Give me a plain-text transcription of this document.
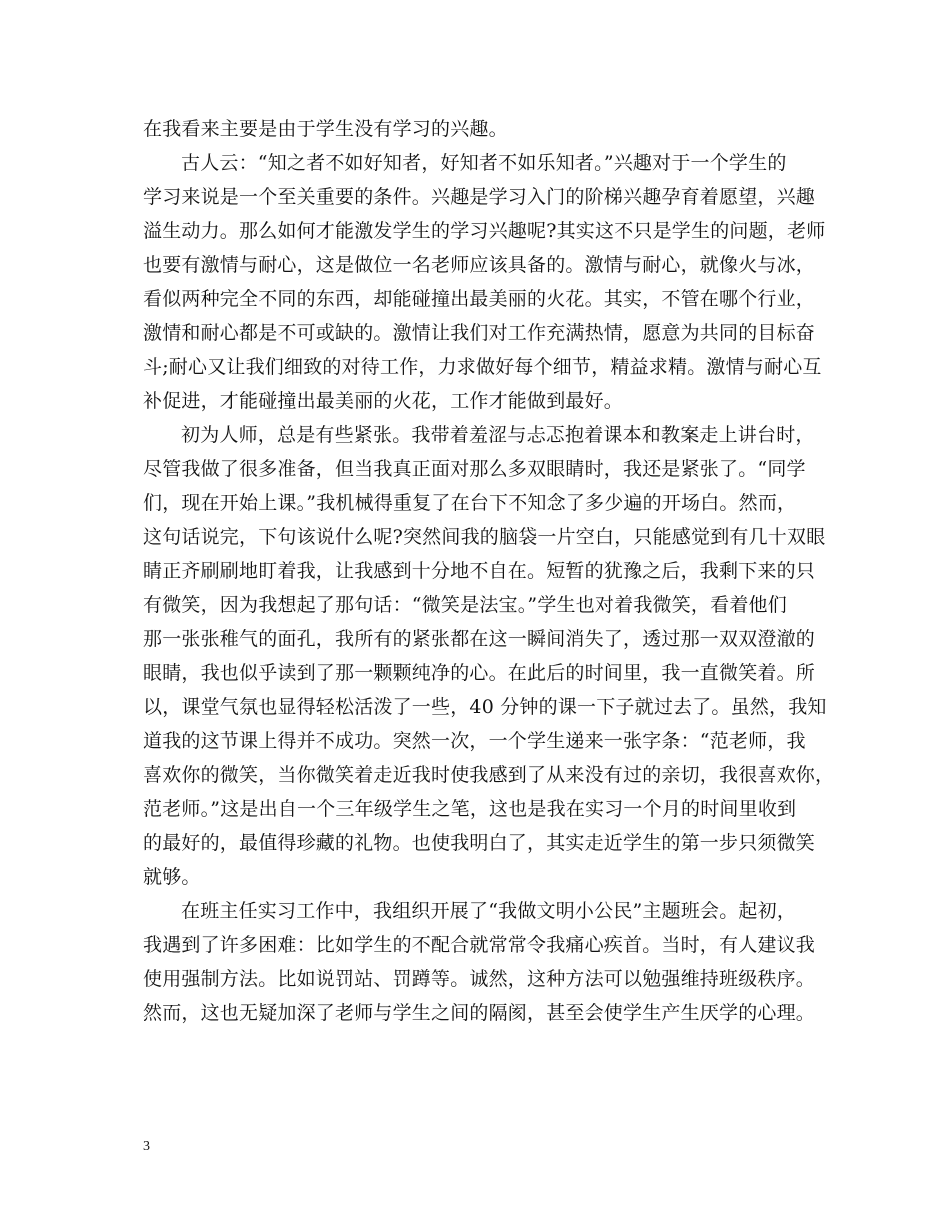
在我看来主要是由于学生没有学习的兴趣。
古人云：“知之者不如好知者，好知者不如乐知者。”兴趣对于一个学生的
学习来说是一个至关重要的条件。兴趣是学习入门的阶梯兴趣孕育着愿望，兴趣
溢生动力。那么如何才能激发学生的学习兴趣呢?其实这不只是学生的问题，老师
也要有激情与耐心，这是做位一名老师应该具备的。激情与耐心，就像火与冰，
看似两种完全不同的东西，却能碰撞出最美丽的火花。其实，不管在哪个行业，
激情和耐心都是不可或缺的。激情让我们对工作充满热情，愿意为共同的目标奋
斗;耐心又让我们细致的对待工作，力求做好每个细节，精益求精。激情与耐心互
补促进，才能碰撞出最美丽的火花，工作才能做到最好。
初为人师，总是有些紧张。我带着羞涩与忐忑抱着课本和教案走上讲台时，
尽管我做了很多准备，但当我真正面对那么多双眼睛时，我还是紧张了。“同学
们，现在开始上课。”我机械得重复了在台下不知念了多少遍的开场白。然而，
这句话说完，下句该说什么呢?突然间我的脑袋一片空白，只能感觉到有几十双眼
睛正齐刷刷地盯着我，让我感到十分地不自在。短暂的犹豫之后，我剩下来的只
有微笑，因为我想起了那句话：“微笑是法宝。”学生也对着我微笑，看着他们
那一张张稚气的面孔，我所有的紧张都在这一瞬间消失了，透过那一双双澄澈的
眼睛，我也似乎读到了那一颗颗纯净的心。在此后的时间里，我一直微笑着。所
以，课堂气氛也显得轻松活泼了一些，40 分钟的课一下子就过去了。虽然，我知
道我的这节课上得并不成功。突然一次，一个学生递来一张字条：“范老师，我
喜欢你的微笑，当你微笑着走近我时使我感到了从来没有过的亲切，我很喜欢你，
范老师。”这是出自一个三年级学生之笔，这也是我在实习一个月的时间里收到
的最好的，最值得珍藏的礼物。也使我明白了，其实走近学生的第一步只须微笑
就够。
在班主任实习工作中，我组织开展了“我做文明小公民”主题班会。起初，
我遇到了许多困难：比如学生的不配合就常常令我痛心疾首。当时，有人建议我
使用强制方法。比如说罚站、罚蹲等。诚然，这种方法可以勉强维持班级秩序。
然而，这也无疑加深了老师与学生之间的隔阂，甚至会使学生产生厌学的心理。
3
